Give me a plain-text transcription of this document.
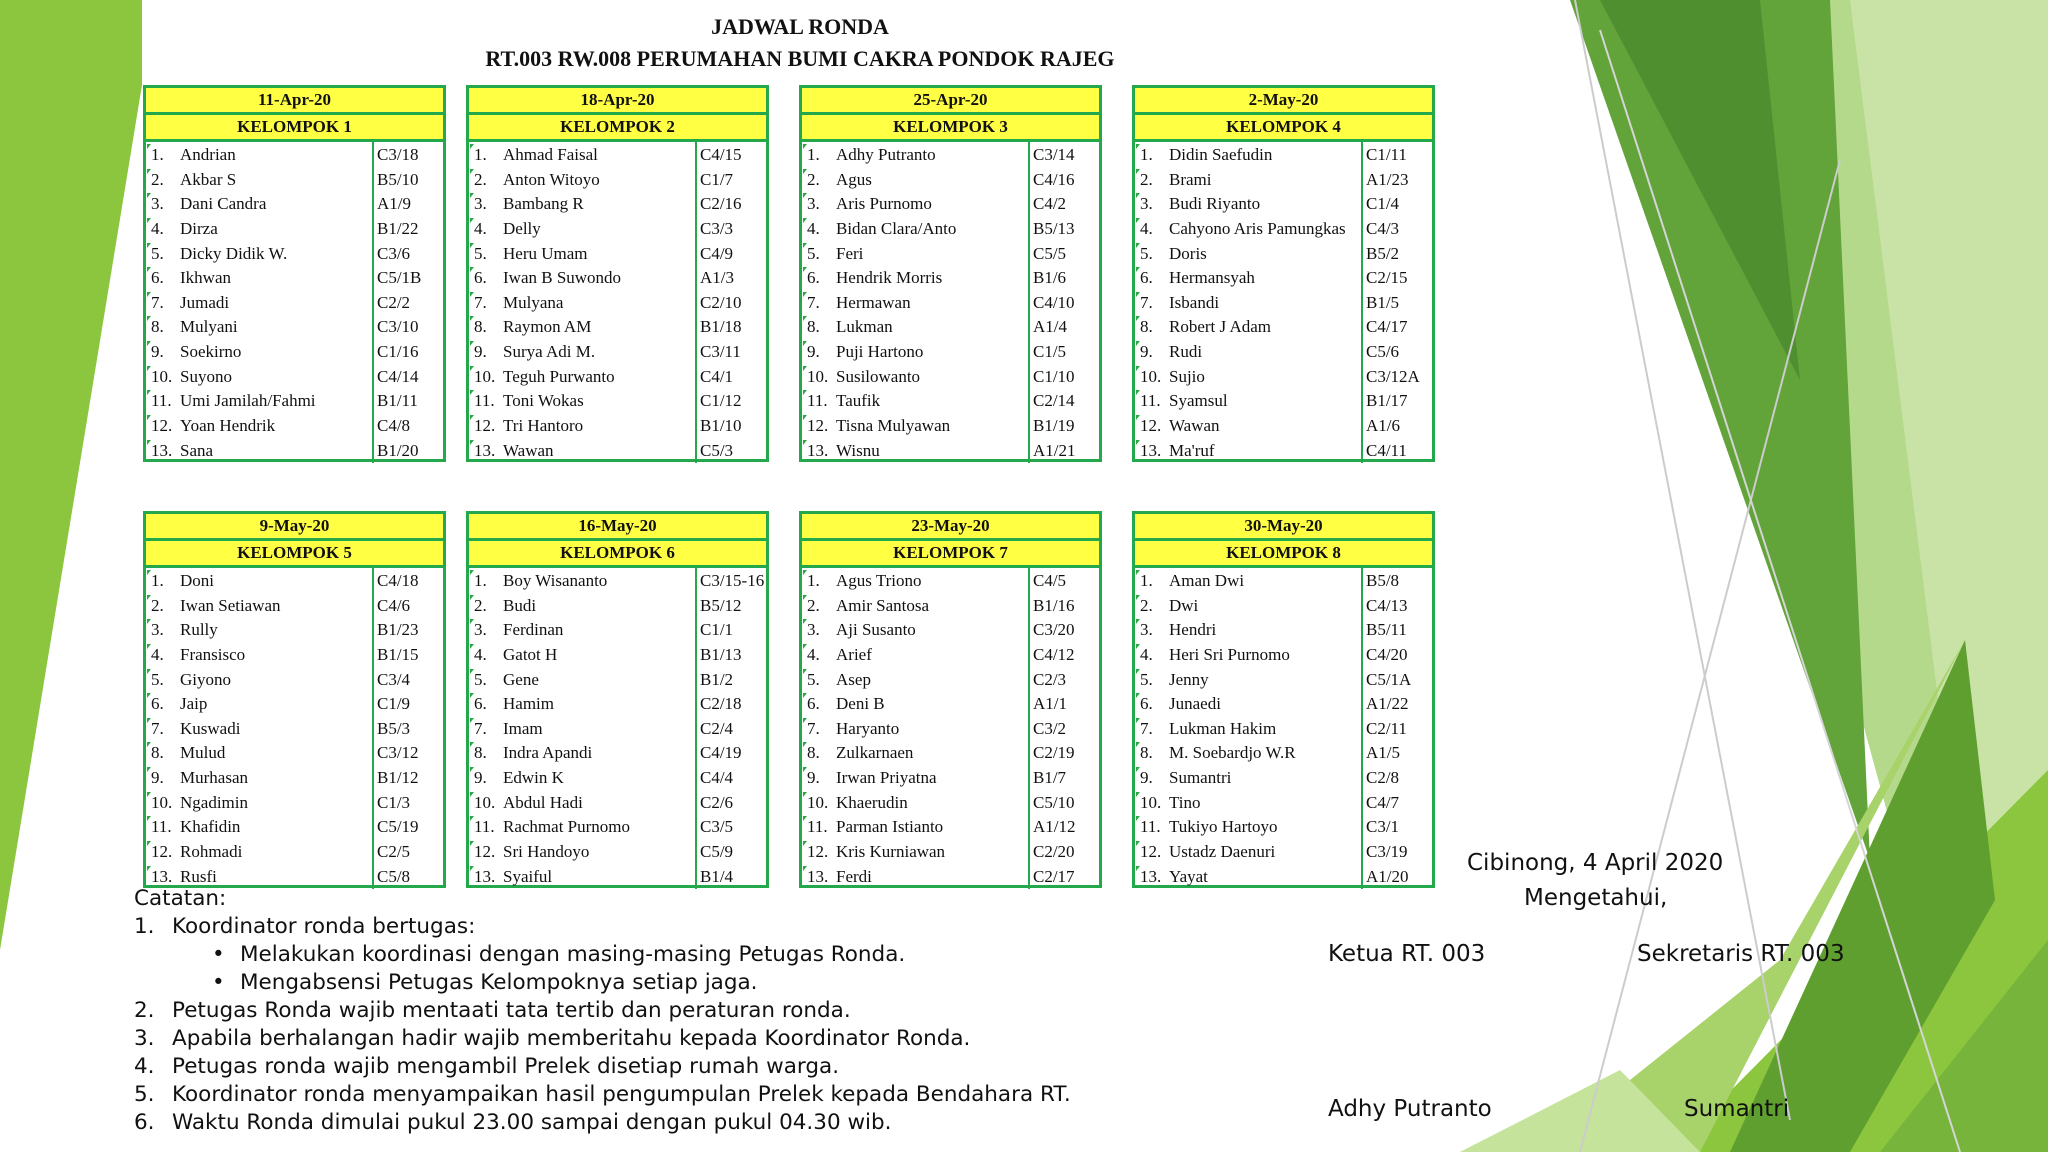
JADWAL RONDA
RT.003 RW.008 PERUMAHAN BUMI CAKRA PONDOK RAJEG
11-Apr-20
KELOMPOK 1
1. Andrian	C3/18
2. Akbar S	B5/10
3. Dani Candra	A1/9
4. Dirza	B1/22
5. Dicky Didik W.	C3/6
6. Ikhwan	C5/1B
7. Jumadi	C2/2
8. Mulyani	C3/10
9. Soekirno	C1/16
10. Suyono	C4/14
11. Umi Jamilah/Fahmi	B1/11
12. Yoan Hendrik	C4/8
13. Sana	B1/20
18-Apr-20
KELOMPOK 2
1. Ahmad Faisal	C4/15
2. Anton Witoyo	C1/7
3. Bambang R	C2/16
4. Delly	C3/3
5. Heru Umam	C4/9
6. Iwan B Suwondo	A1/3
7. Mulyana	C2/10
8. Raymon AM	B1/18
9. Surya Adi M.	C3/11
10. Teguh Purwanto	C4/1
11. Toni Wokas	C1/12
12. Tri Hantoro	B1/10
13. Wawan	C5/3
25-Apr-20
KELOMPOK 3
1. Adhy Putranto	C3/14
2. Agus	C4/16
3. Aris Purnomo	C4/2
4. Bidan Clara/Anto	B5/13
5. Feri	C5/5
6. Hendrik Morris	B1/6
7. Hermawan	C4/10
8. Lukman	A1/4
9. Puji Hartono	C1/5
10. Susilowanto	C1/10
11. Taufik	C2/14
12. Tisna Mulyawan	B1/19
13. Wisnu	A1/21
2-May-20
KELOMPOK 4
1. Didin Saefudin	C1/11
2. Brami	A1/23
3. Budi Riyanto	C1/4
4. Cahyono Aris Pamungkas C4/3
5. Doris	B5/2
6. Hermansyah	C2/15
7. Isbandi	B1/5
8. Robert J Adam	C4/17
9. Rudi	C5/6
10. Sujio	C3/12A
11. Syamsul	B1/17
12. Wawan	A1/6
13. Ma'ruf	C4/11
9-May-20
KELOMPOK 5
1. Doni	C4/18
2. Iwan Setiawan	C4/6
3. Rully	B1/23
4. Fransisco	B1/15
5. Giyono	C3/4
6. Jaip	C1/9
7. Kuswadi	B5/3
8. Mulud	C3/12
9. Murhasan	B1/12
10. Ngadimin	C1/3
11. Khafidin	C5/19
12. Rohmadi	C2/5
13. Rusfi	C5/8
16-May-20
KELOMPOK 6
1. Boy Wisananto	C3/15-16
2. Budi	B5/12
3. Ferdinan	C1/1
4. Gatot H	B1/13
5. Gene	B1/2
6. Hamim	C2/18
7. Imam	C2/4
8. Indra Apandi	C4/19
9. Edwin K	C4/4
10. Abdul Hadi	C2/6
11. Rachmat Purnomo	C3/5
12. Sri Handoyo	C5/9
13. Syaiful	B1/4
23-May-20
KELOMPOK 7
1. Agus Triono	C4/5
2. Amir Santosa	B1/16
3. Aji Susanto	C3/20
4. Arief	C4/12
5. Asep	C2/3
6. Deni B	A1/1
7. Haryanto	C3/2
8. Zulkarnaen	C2/19
9. Irwan Priyatna	B1/7
10. Khaerudin	C5/10
11. Parman Istianto	A1/12
12. Kris Kurniawan	C2/20
13. Ferdi	C2/17
30-May-20
KELOMPOK 8
1. Aman Dwi	B5/8
2. Dwi	C4/13
3. Hendri	B5/11
4. Heri Sri Purnomo	C4/20
5. Jenny	C5/1A
6. Junaedi	A1/22
7. Lukman Hakim	C2/11
8. M. Soebardjo W.R	A1/5
9. Sumantri	C2/8
10. Tino	C4/7
11. Tukiyo Hartoyo	C3/1
12. Ustadz Daenuri	C3/19
13. Yayat	A1/20
Catatan:
1. Koordinator ronda bertugas:
• Melakukan koordinasi dengan masing-masing Petugas Ronda.
• Mengabsensi Petugas Kelompoknya setiap jaga.
2. Petugas Ronda wajib mentaati tata tertib dan peraturan ronda.
3. Apabila berhalangan hadir wajib memberitahu kepada Koordinator Ronda.
4. Petugas ronda wajib mengambil Prelek disetiap rumah warga.
5. Koordinator ronda menyampaikan hasil pengumpulan Prelek kepada Bendahara RT.
6. Waktu Ronda dimulai pukul 23.00 sampai dengan pukul 04.30 wib.
Cibinong, 4 April 2020
Mengetahui,
Ketua RT. 003	Sekretaris RT. 003
Adhy Putranto	Sumantri
